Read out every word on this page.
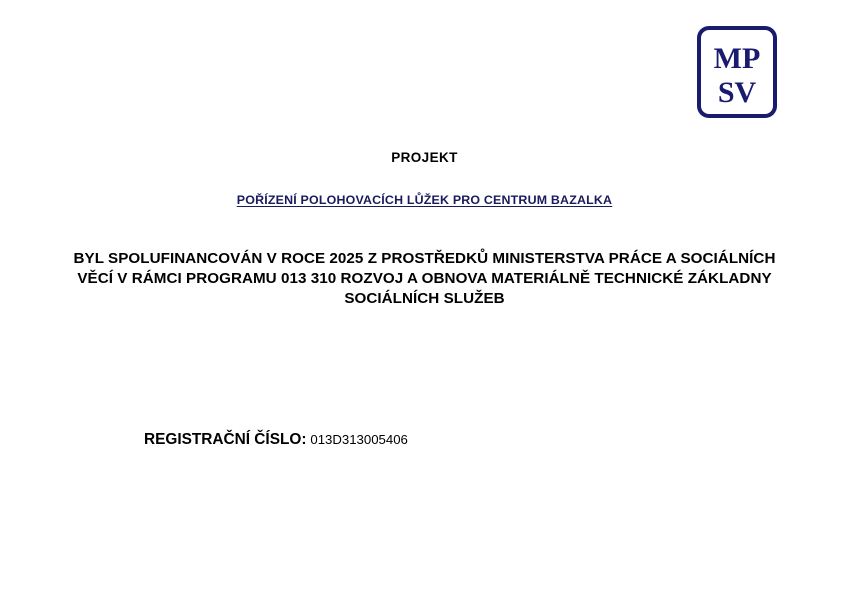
MP
SV
PROJEKT
POŘÍZENÍ POLOHOVACÍCH LŮŽEK PRO CENTRUM BAZALKA
BYL SPOLUFINANCOVÁN V ROCE 2025 Z PROSTŘEDKŮ MINISTERSTVA PRÁCE A SOCIÁLNÍCH VĚCÍ V RÁMCI PROGRAMU 013 310 ROZVOJ A OBNOVA MATERIÁLNĚ TECHNICKÉ ZÁKLADNY SOCIÁLNÍCH SLUŽEB
REGISTRAČNÍ ČÍSLO: 013D313005406
